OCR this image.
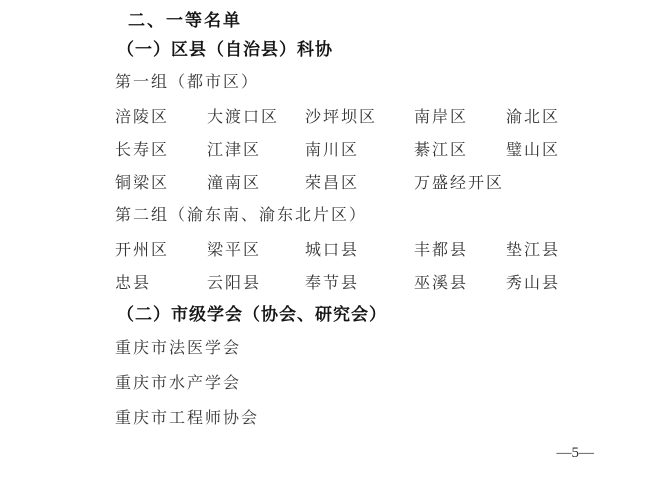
二、一等名单
（一）区县（自治县）科协
第一组（都市区）
涪陵区	大渡口区	沙坪坝区	南岸区	渝北区
长寿区	江津区	南川区	綦江区	璧山区
铜梁区	潼南区	荣昌区	万盛经开区
第二组（渝东南、渝东北片区）
开州区	梁平区	城口县	丰都县	垫江县
忠县	云阳县	奉节县	巫溪县	秀山县
（二）市级学会（协会、研究会）
重庆市法医学会
重庆市水产学会
重庆市工程师协会
—5—
